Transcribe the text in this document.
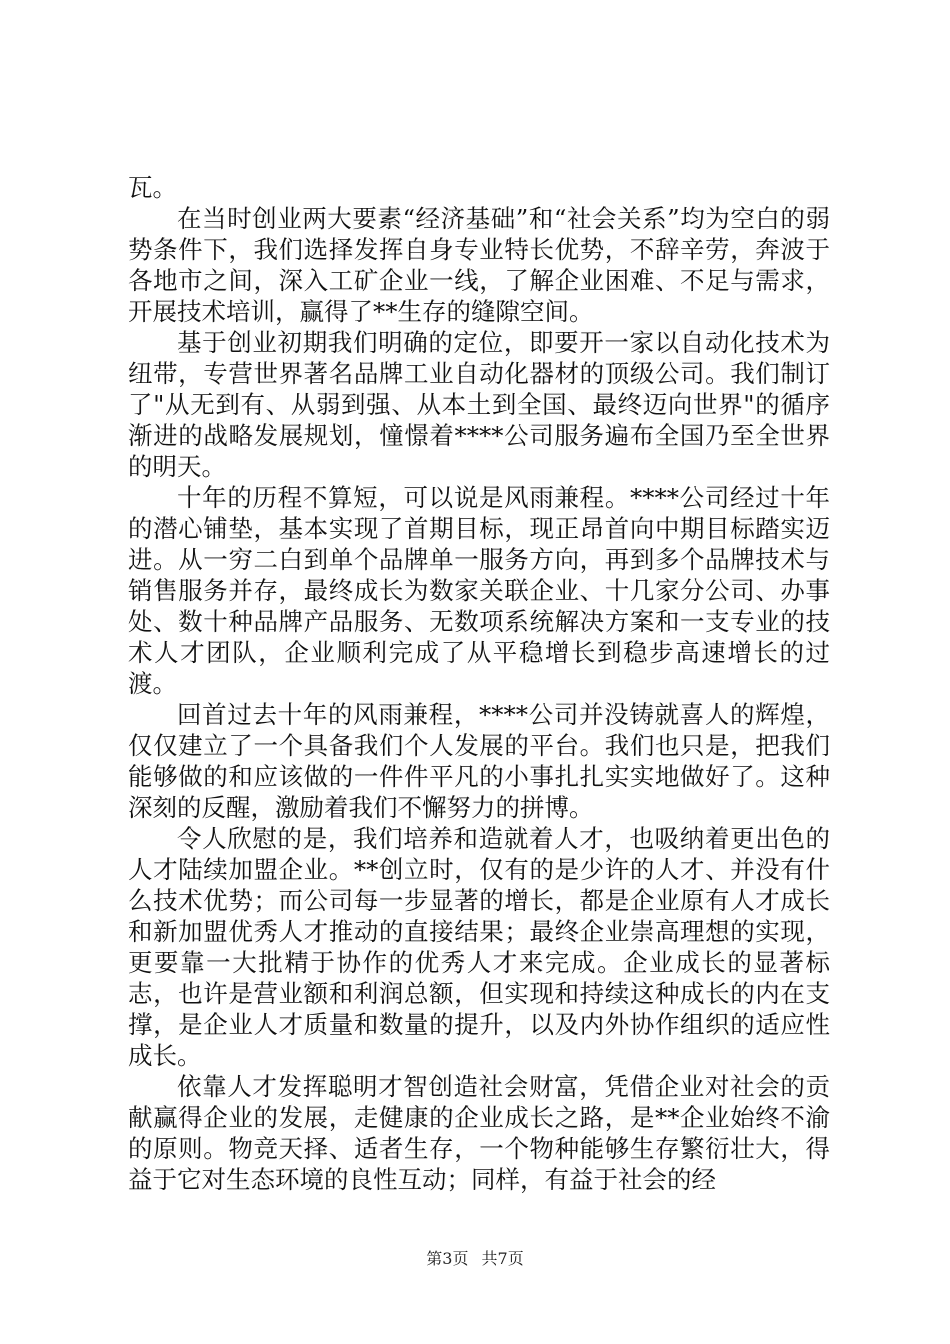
瓦。

在当时创业两大要素“经济基础”和“社会关系”均为空白的弱势条件下，我们选择发挥自身专业特长优势，不辞辛劳，奔波于各地市之间，深入工矿企业一线，了解企业困难、不足与需求，开展技术培训，赢得了**生存的缝隙空间。

基于创业初期我们明确的定位，即要开一家以自动化技术为纽带，专营世界著名品牌工业自动化器材的顶级公司。我们制订了"从无到有、从弱到强、从本土到全国、最终迈向世界"的循序渐进的战略发展规划，憧憬着****公司服务遍布全国乃至全世界的明天。

十年的历程不算短，可以说是风雨兼程。****公司经过十年的潜心铺垫，基本实现了首期目标，现正昂首向中期目标踏实迈进。从一穷二白到单个品牌单一服务方向，再到多个品牌技术与销售服务并存，最终成长为数家关联企业、十几家分公司、办事处、数十种品牌产品服务、无数项系统解决方案和一支专业的技术人才团队，企业顺利完成了从平稳增长到稳步高速增长的过渡。

回首过去十年的风雨兼程，****公司并没铸就喜人的辉煌，仅仅建立了一个具备我们个人发展的平台。我们也只是，把我们能够做的和应该做的一件件平凡的小事扎扎实实地做好了。这种深刻的反醒，激励着我们不懈努力的拼博。

令人欣慰的是，我们培养和造就着人才，也吸纳着更出色的人才陆续加盟企业。**创立时，仅有的是少许的人才、并没有什么技术优势；而公司每一步显著的增长，都是企业原有人才成长和新加盟优秀人才推动的直接结果；最终企业崇高理想的实现，更要靠一大批精于协作的优秀人才来完成。企业成长的显著标志，也许是营业额和利润总额，但实现和持续这种成长的内在支撑，是企业人才质量和数量的提升，以及内外协作组织的适应性成长。

依靠人才发挥聪明才智创造社会财富，凭借企业对社会的贡献赢得企业的发展，走健康的企业成长之路，是**企业始终不渝的原则。物竞天择、适者生存，一个物种能够生存繁衍壮大，得益于它对生态环境的良性互动；同样，有益于社会的经

第3页 共7页
